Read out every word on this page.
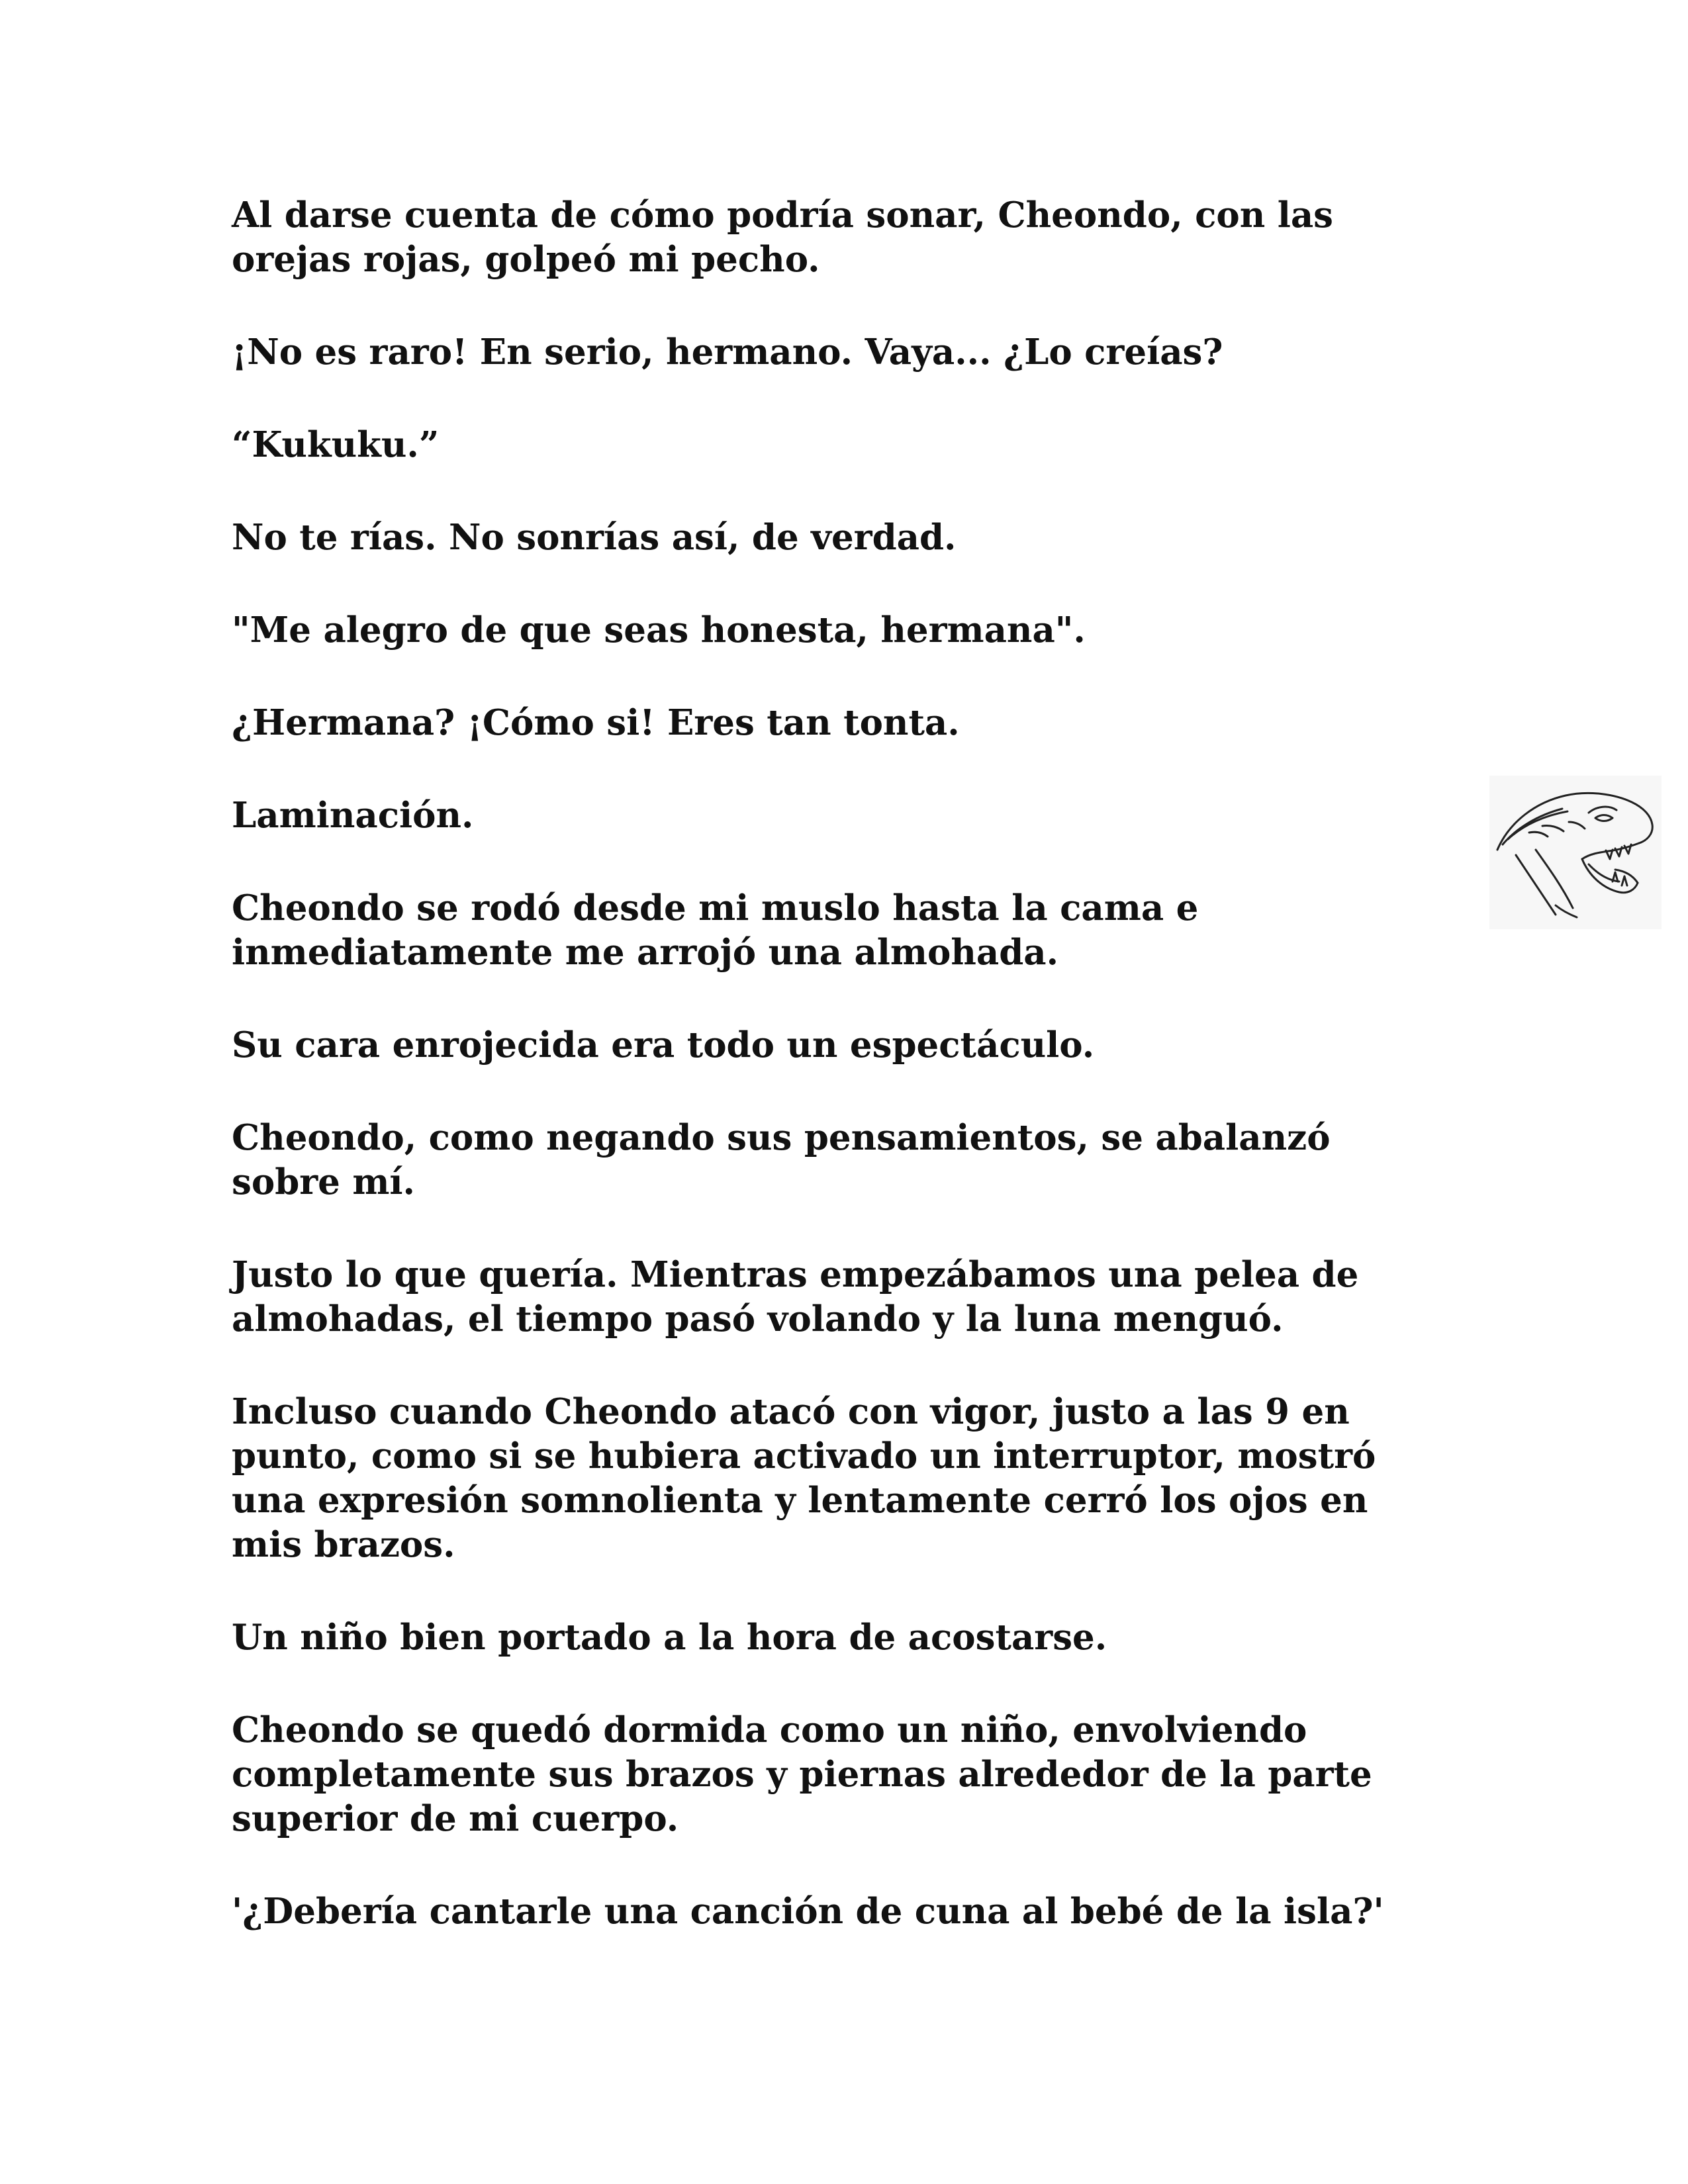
Al darse cuenta de cómo podría sonar, Cheondo, con las orejas rojas, golpeó mi pecho.

¡No es raro! En serio, hermano. Vaya... ¿Lo creías?

“Kukuku.”

No te rías. No sonrías así, de verdad.

"Me alegro de que seas honesta, hermana".

¿Hermana? ¡Cómo si! Eres tan tonta.

Laminación.

Cheondo se rodó desde mi muslo hasta la cama e inmediatamente me arrojó una almohada.

Su cara enrojecida era todo un espectáculo.

Cheondo, como negando sus pensamientos, se abalanzó sobre mí.

Justo lo que quería. Mientras empezábamos una pelea de almohadas, el tiempo pasó volando y la luna menguó.

Incluso cuando Cheondo atacó con vigor, justo a las 9 en punto, como si se hubiera activado un interruptor, mostró una expresión somnolienta y lentamente cerró los ojos en mis brazos.

Un niño bien portado a la hora de acostarse.

Cheondo se quedó dormida como un niño, envolviendo completamente sus brazos y piernas alrededor de la parte superior de mi cuerpo.

'¿Debería cantarle una canción de cuna al bebé de la isla?'
